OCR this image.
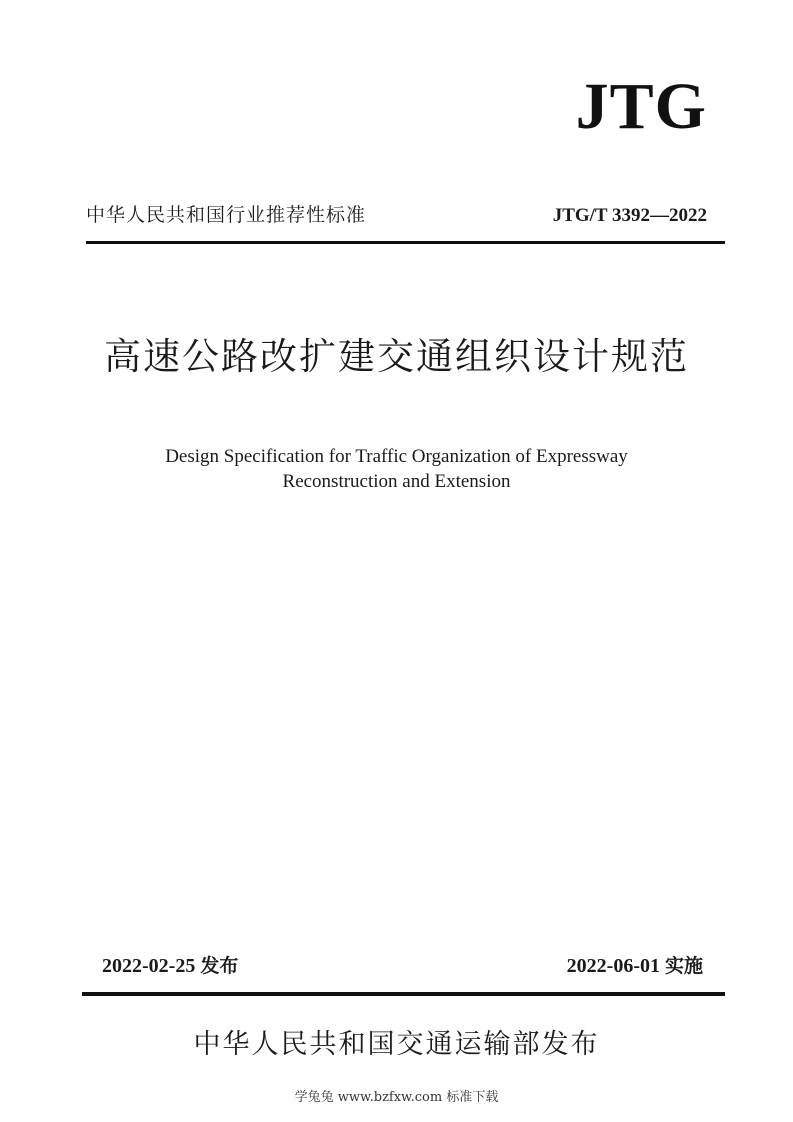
JTG
中华人民共和国行业推荐性标准	JTG/T 3392—2022
高速公路改扩建交通组织设计规范
Design Specification for Traffic Organization of Expressway
Reconstruction and Extension
2022-02-25 发布	2022-06-01 实施
中华人民共和国交通运输部发布
学兔兔 www.bzfxw.com 标准下载
